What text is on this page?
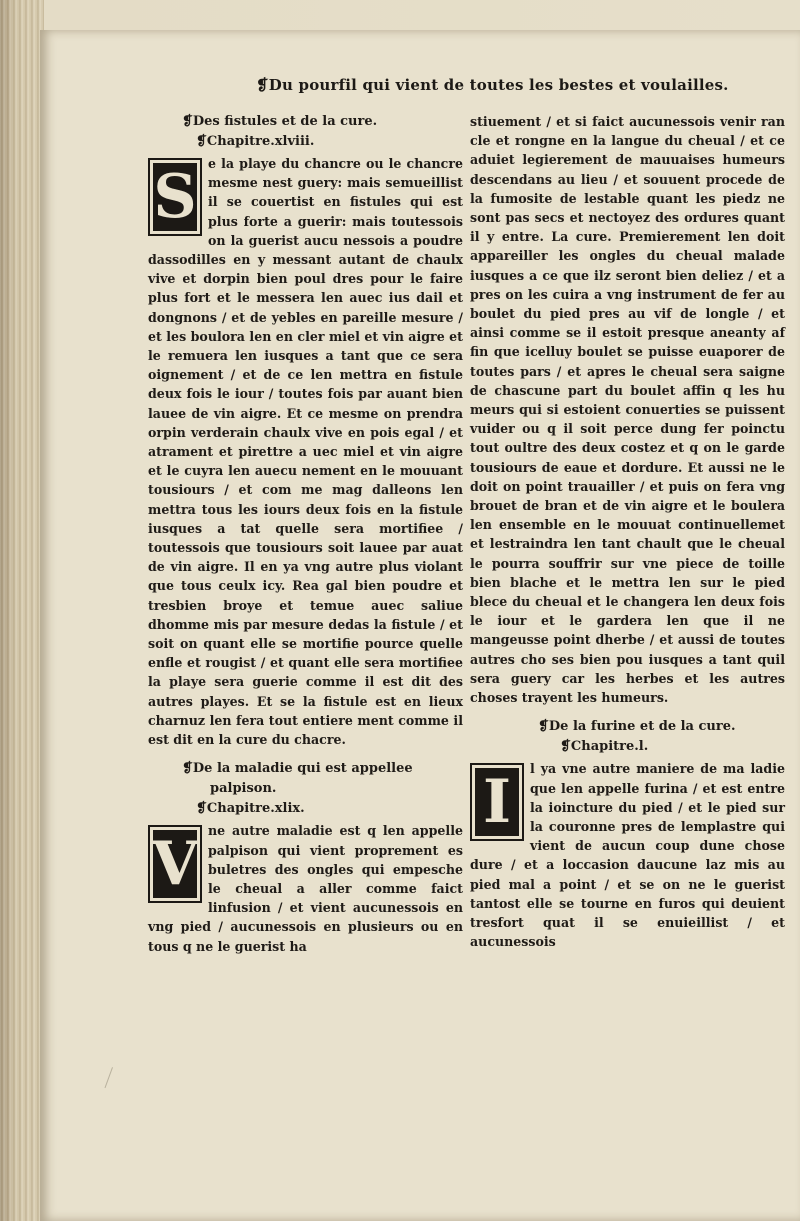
❡Du pourfil qui vient de toutes les bestes et voulailles.
❡Des fistules et de la cure.
❡Chapitre.xlviii.
S e la playe du chancre ou le chancre mesme nest guery: mais semueillist il se couertist en fistules qui est plus forte a guerir: mais toutessois on la guerist aucu nessois a poudre dassodilles en y messant autant de chaulx vive et dorpin bien poul dres pour le faire plus fort et le messera len auec ius dail et dongnons / et de yebles en pareille mesure / et les boulora len en cler miel et vin aigre et le remuera len iusques a tant que ce sera oignement / et de ce len mettra en fistule deux fois le iour / toutes fois par auant bien lauee de vin aigre. Et ce mesme on prendra orpin verderain chaulx vive en pois egal / et atrament et pirettre a uec miel et vin aigre et le cuyra len auecu nement en le mouuant tousiours / et com me mag dalleons len mettra tous les iours deux fois en la fistule iusques a tat quelle sera mortifiee / toutessois que tousiours soit lauee par auat de vin aigre. Il en ya vng autre plus violant que tous ceulx icy. Rea gal bien poudre et tresbien broye et temue auec saliue dhomme mis par mesure dedas la fistule / et soit on quant elle se mortifie pource quelle enfle et rougist / et quant elle sera mortifiee la playe sera guerie comme il est dit des autres playes. Et se la fistule est en lieux charnuz len fera tout entiere ment comme il est dit en la cure du chacre.

❡De la maladie qui est appellee
palpison.
❡Chapitre.xlix.
V ne autre maladie est q len appelle palpison qui vient proprement es buletres des ongles qui empesche le cheual a aller comme faict linfusion / et vient aucunessois en vng pied / aucunessois en plusieurs ou en tous q ne le guerist ha

stiuement / et si faict aucunessois venir ran cle et rongne en la langue du cheual / et ce aduiet legierement de mauuaises humeurs descendans au lieu / et souuent procede de la fumosite de lestable quant les piedz ne sont pas secs et nectoyez des ordures quant il y entre. La cure. Premierement len doit appareiller les ongles du cheual malade iusques a ce que ilz seront bien deliez / et a pres on les cuira a vng instrument de fer au boulet du pied pres au vif de longle / et ainsi comme se il estoit presque aneanty af fin que icelluy boulet se puisse euaporer de toutes pars / et apres le cheual sera saigne de chascune part du boulet affin q les hu meurs qui si estoient conuerties se puissent vuider ou q il soit perce dung fer poinctu tout oultre des deux costez et q on le garde tousiours de eaue et dordure. Et aussi ne le doit on point trauailler / et puis on fera vng brouet de bran et de vin aigre et le boulera len ensemble en le mouuat continuellemet et lestraindra len tant chault que le cheual le pourra souffrir sur vne piece de toille bien blache et le mettra len sur le pied blece du cheual et le changera len deux fois le iour et le gardera len que il ne mangeusse point dherbe / et aussi de toutes autres cho ses bien pou iusques a tant quil sera guery car les herbes et les autres choses trayent les humeurs.

❡De la furine et de la cure.
❡Chapitre.l.
I	l ya vne autre maniere de ma ladie que len appelle furina / et est entre la ioincture du pied / et le pied sur la couronne pres de lemplastre qui vient de aucun coup dune chose dure / et a loccasion daucune laz mis au pied mal a point / et se on ne le guerist tantost elle se tourne en furos qui deuient tresfort quat il se enuieillist / et aucunessois
